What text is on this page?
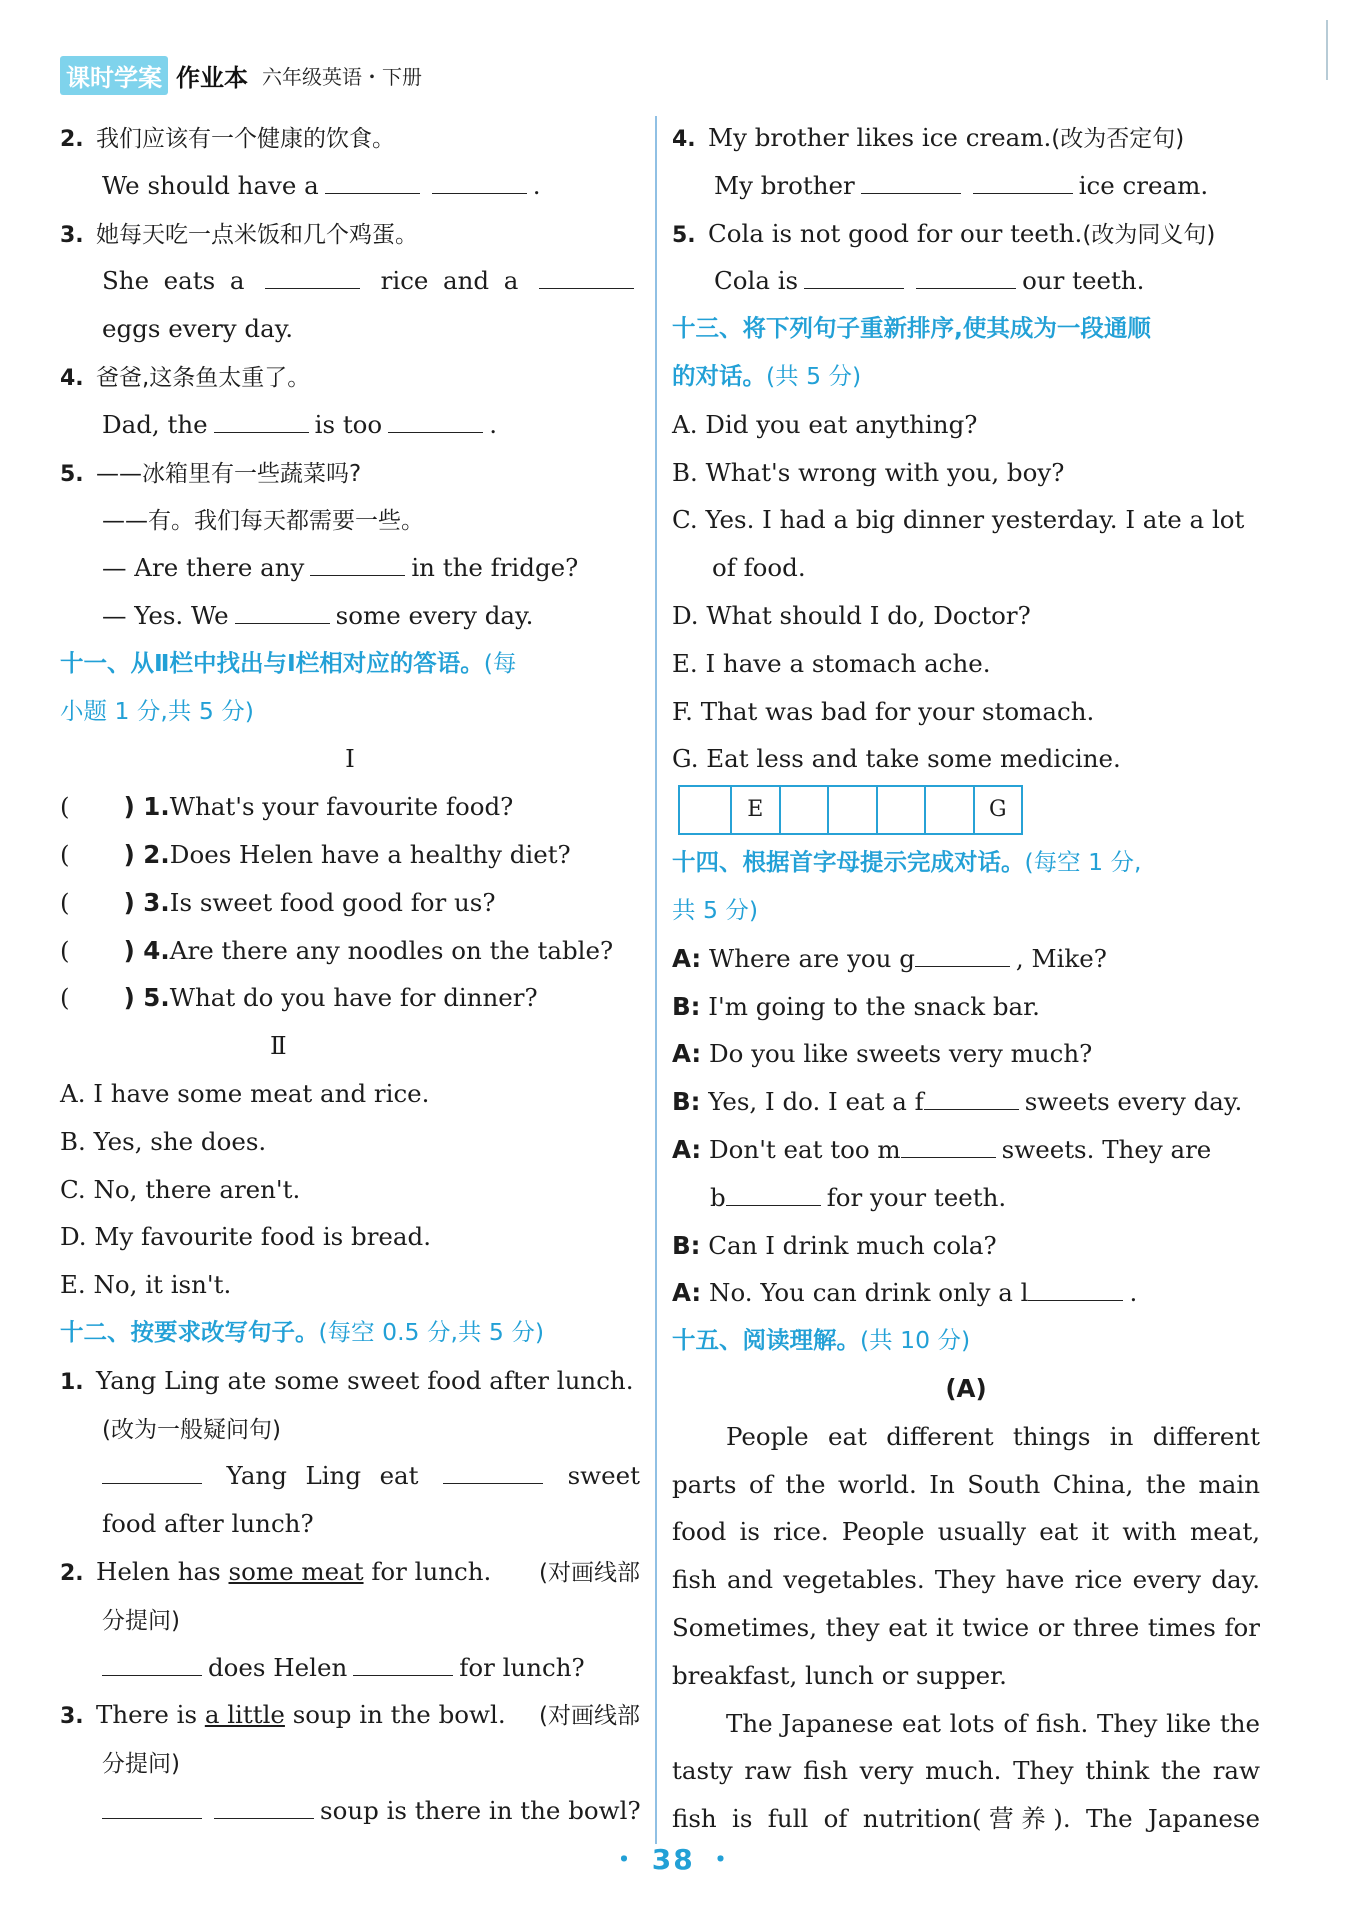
课时学案 作业本 六年级英语・下册
2. 我们应该有一个健康的饮食。
We should have a	.
3. 她每天吃一点米饭和几个鸡蛋。
She eats a	rice and a
eggs every day.
4. 爸爸,这条鱼太重了。
Dad, the	is too	.
5. ——冰箱里有一些蔬菜吗?
——有。我们每天都需要一些。
— Are there any	in the fridge?
— Yes. We	some every day.
十一、从Ⅱ栏中找出与Ⅰ栏相对应的答语。(每
小题 1 分,共 5 分)
I
( ) 1. What's your favourite food?
( ) 2. Does Helen have a healthy diet?
( ) 3. Is sweet food good for us?
( ) 4. Are there any noodles on the table?
( ) 5. What do you have for dinner?
Ⅱ
A. I have some meat and rice.
B. Yes, she does.
C. No, there aren't.
D. My favourite food is bread.
E. No, it isn't.
十二、按要求改写句子。(每空 0.5 分,共 5 分)
1. Yang Ling ate some sweet food after lunch.
(改为一般疑问句)
Yang Ling eat	sweet
food after lunch?
2. Helen has some meat for lunch. (对画线部
分提问)
does Helen	for lunch?
3. There is a little soup in the bowl. (对画线部
分提问)
soup is there in the bowl?
4. My brother likes ice cream.(改为否定句)
My brother	ice cream.
5. Cola is not good for our teeth.(改为同义句)
Cola is	our teeth.
十三、将下列句子重新排序,使其成为一段通顺
的对话。(共 5 分)
A. Did you eat anything?
B. What's wrong with you, boy?
C. Yes. I had a big dinner yesterday. I ate a lot
of food.
D. What should I do, Doctor?
E. I have a stomach ache.
F. That was bad for your stomach.
G. Eat less and take some medicine.
E	G
十四、根据首字母提示完成对话。(每空 1 分,
共 5 分)
A: Where are you g	, Mike?
B: I'm going to the snack bar.
A: Do you like sweets very much?
B: Yes, I do. I eat a f	sweets every day.
A: Don't eat too m	sweets. They are
b	for your teeth.
B: Can I drink much cola?
A: No. You can drink only a l	.
十五、阅读理解。(共 10 分)
(A)
People eat different things in different
parts of the world. In South China, the main
food is rice. People usually eat it with meat,
fish and vegetables. They have rice every day.
Sometimes, they eat it twice or three times for
breakfast, lunch or supper.
The Japanese eat lots of fish. They like the
tasty raw fish very much. They think the raw
fish is full of nutrition(营养). The Japanese
・ 38 ・
